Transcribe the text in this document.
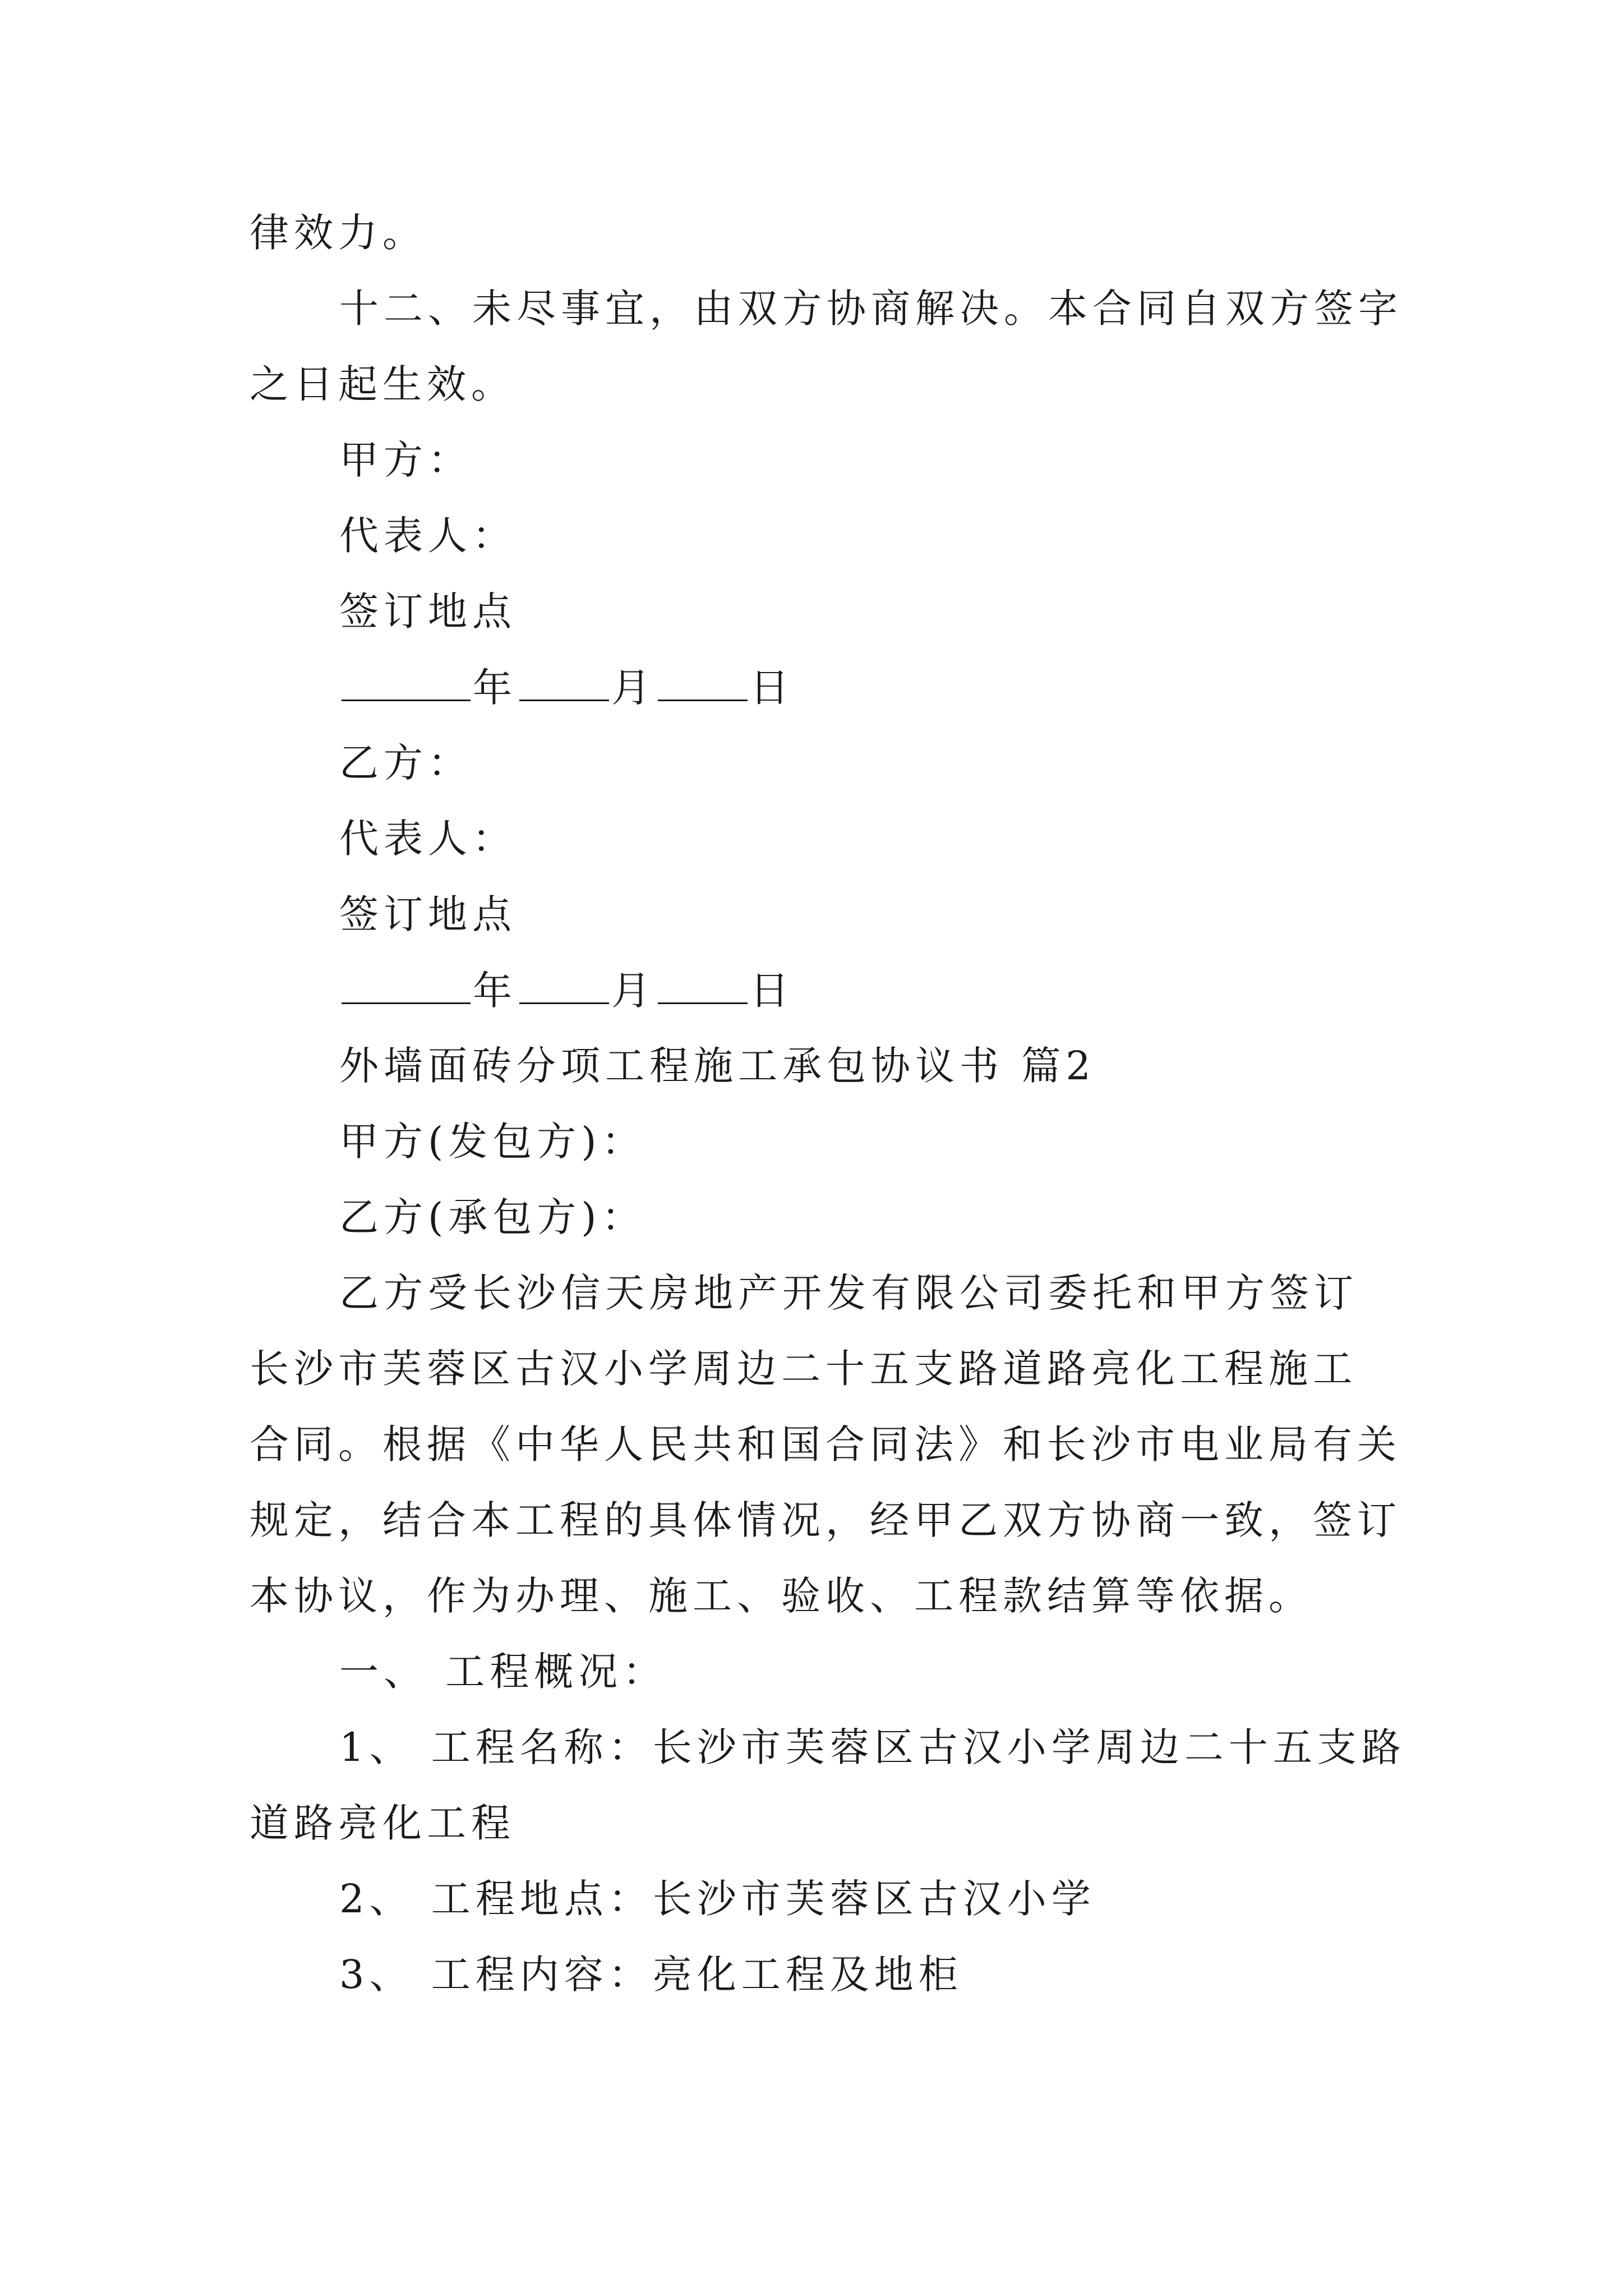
律效力。
十二、未尽事宜，由双方协商解决。本合同自双方签字
之日起生效。
甲方：
代表人：
签订地点
年 月 日
乙方：
代表人：
签订地点
年 月 日
外墙面砖分项工程施工承包协议书 篇2
甲方(发包方)：
乙方(承包方)：
乙方受长沙信天房地产开发有限公司委托和甲方签订
长沙市芙蓉区古汉小学周边二十五支路道路亮化工程施工
合同。根据《中华人民共和国合同法》和长沙市电业局有关
规定，结合本工程的具体情况，经甲乙双方协商一致，签订
本协议，作为办理、施工、验收、工程款结算等依据。
一、 工程概况：
1、 工程名称：长沙市芙蓉区古汉小学周边二十五支路
道路亮化工程
2、 工程地点：长沙市芙蓉区古汉小学
3、 工程内容：亮化工程及地柜
